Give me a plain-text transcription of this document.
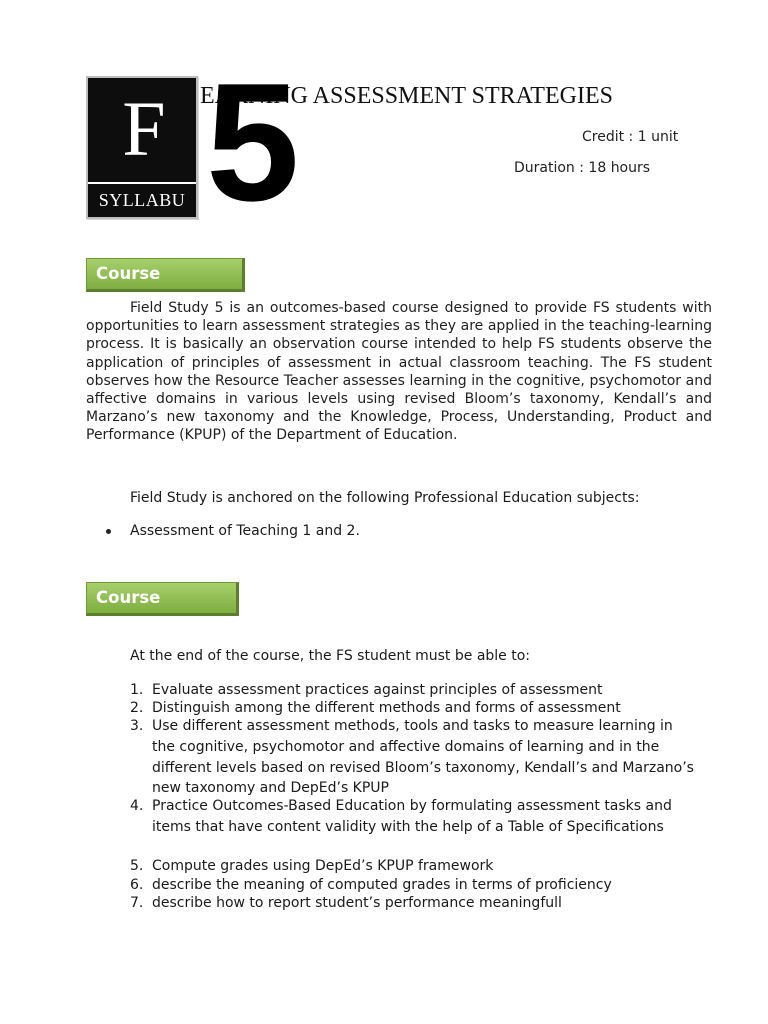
F
SYLLABU
EARNING ASSESSMENT STRATEGIES
5	Credit : 1 unit
Duration : 18 hours
Course
Field Study 5 is an outcomes-based course designed to provide FS students with opportunities to learn assessment strategies as they are applied in the teaching-learning process. It is basically an observation course intended to help FS students observe the application of principles of assessment in actual classroom teaching. The FS student observes how the Resource Teacher assesses learning in the cognitive, psychomotor and affective domains in various levels using revised Bloom’s taxonomy, Kendall’s and Marzano’s new taxonomy and the Knowledge, Process, Understanding, Product and Performance (KPUP) of the Department of Education.
Field Study is anchored on the following Professional Education subjects:
Assessment of Teaching 1 and 2.
Course
At the end of the course, the FS student must be able to:
1. Evaluate assessment practices against principles of assessment
2. Distinguish among the different methods and forms of assessment
3. Use different assessment methods, tools and tasks to measure learning in the cognitive, psychomotor and affective domains of learning and in the different levels based on revised Bloom’s taxonomy, Kendall’s and Marzano’s new taxonomy and DepEd’s KPUP
4. Practice Outcomes-Based Education by formulating assessment tasks and items that have content validity with the help of a Table of Specifications
5. Compute grades using DepEd’s KPUP framework
6. describe the meaning of computed grades in terms of proficiency
7. describe how to report student’s performance meaningfull
